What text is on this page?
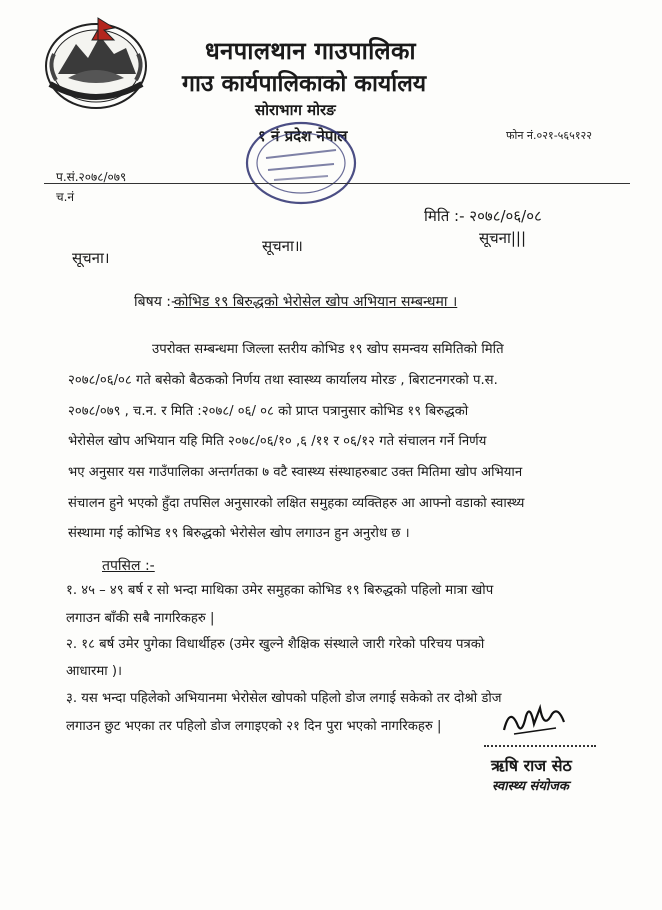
धनपालथान गाउपालिका
गाउ कार्यपालिकाको कार्यालय
सोराभाग मोरङ
१ नं प्रदेश नेपाल	फोन नं.०२१-५६५१२२
प.सं.२०७८/०७९
च.नं
मिति :- २०७८/०६/०८
सूचना।
सूचना॥	सूचना|||
बिषय :-
कोभिड १९ बिरुद्धको भेरोसेल खोप अभियान सम्बन्धमा ।
उपरोक्त सम्बन्धमा जिल्ला स्तरीय कोभिड १९ खोप समन्वय समितिको मिति
२०७८/०६/०८ गते बसेको बैठकको निर्णय तथा स्वास्थ्य कार्यालय मोरङ , बिराटनगरको प.स.
२०७८/०७९ , च.न. र मिति :२०७८/ ०६/ ०८ को प्राप्त पत्रानुसार कोभिड १९ बिरुद्धको
भेरोसेल खोप अभियान यहि मिति २०७८/०६/१० ,६ /११ र ०६/१२ गते संचालन गर्ने निर्णय
भए अनुसार यस गाउँपालिका अन्तर्गतका ७ वटै स्वास्थ्य संस्थाहरुबाट उक्त मितिमा खोप अभियान
संचालन हुने भएको हुँदा तपसिल अनुसारको लक्षित समुहका व्यक्तिहरु आ आफ्नो वडाको स्वास्थ्य
संस्थामा गई कोभिड १९ बिरुद्धको भेरोसेल खोप लगाउन हुन अनुरोध छ ।
तपसिल :-
१. ४५ – ४९ बर्ष र सो भन्दा माथिका उमेर समुहका कोभिड १९ बिरुद्धको पहिलो मात्रा खोप
लगाउन बाँकी सबै नागरिकहरु |
२. १८ बर्ष उमेर पुगेका विधार्थीहरु (उमेर खुल्ने शैक्षिक संस्थाले जारी गरेको परिचय पत्रको
आधारमा )।
३. यस भन्दा पहिलेको अभियानमा भेरोसेल खोपको पहिलो डोज लगाई सकेको तर दोश्रो डोज
लगाउन छुट भएका तर पहिलो डोज लगाइएको २१ दिन पुरा भएको नागरिकहरु |
ऋषि राज सेठ
स्वास्थ्य संयोजक
